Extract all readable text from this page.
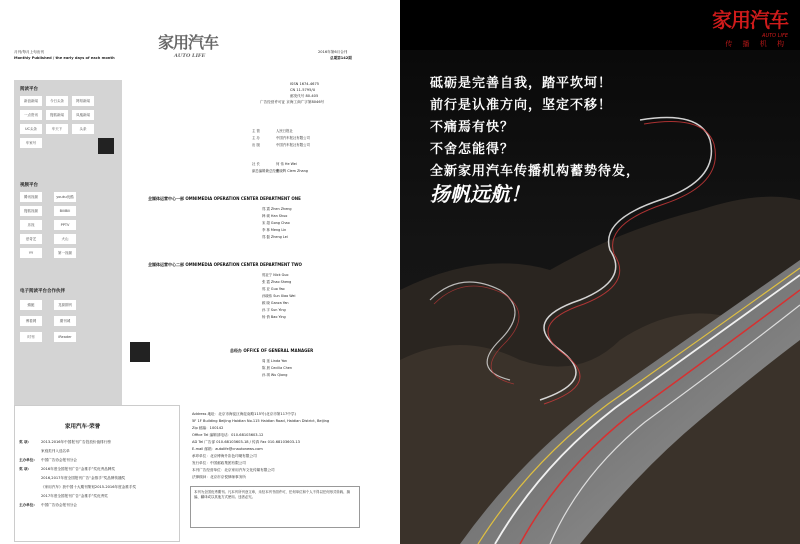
月刊/每月上旬出刊
Monthly Published / the early days of each month
家用汽车
AUTO LIFE
2016年第6月合刊
总期第142期
ISSN 1674-4675
CN 11-5795/U
邮发代号 80-405
广告经营许可证 京海工商广字第8046号
阅读平台
新浪新闻	今日头条	网易新闻
一点资讯	搜狐新闻	凤凰新闻
UC头条	车天下	头条
车家号
视频平台
腾讯视频	youku优酷
搜狐视频	BiliBili
乐视	PPTV
爱奇艺	火山
YY	第一视频
电子阅读平台合作伙伴
蜻蜓	龙源期刊
博看网	期刊城
时刊	iReader
主 管	人民日报社
主 办	中国汽车报社有限公司
出 版	中国汽车报社有限公司
社 长	何 伟 He Wei
副总编辑兼总经理
张晓辉 Clem Zhang
全媒体运营中心一部 OMNIMEDIA OPERATION CENTER DEPARTMENT ONE
郑 震 Zhen Zheng
韩 硕 Han Shuo
宋 超 Gong Chao
李 林 Meng Lin
郑 磊 Zheng Lei
全媒体运营中心二部 OMNIMEDIA OPERATION CENTER DEPARTMENT TWO
郭亚宁 Nick Guo
张 霞 Zhao Sheng
郭 亚 Guo Yao
孙晓伟 Sun Xiao Wei
顾 晓 Ganza Yan
孙 宇 Sun Ying
杨 俏 Bao Ying
总经办 OFFICE OF GENERAL MANAGER
周 延 Linda Yan
陈 晨 Cecilia Chen
孙 琪 Wu Qiong
家用汽车·荣誉
奖 项:	2013-2016年中国报刊广告投放价值排行榜
家庭类刊入选名单
主办单位: 中国广告协会报刊分会
奖 项:	2016年度全国报刊广告“金推手”奖优秀品牌奖
2016,2017年度全国报刊广告“金推手”奖品牌传播奖
《家用汽车》获中国十大期刊策划2015-2016年度金推手奖
2017年度全国报刊广告“金推手”奖优秀奖
主办单位: 中国广告协会报刊分会
Address 地址：北京市海淀区海淀南路115号(北京市第117中学)
5F 1F Building Beijing Haidian No.115 Haidian Road, Haidian District, Beijing
Zip 邮编：100142
Office Tel 编辑部电话：010-68103603-12
AD Tel 广告部 010-68103603-18 / 传真 Fax 010-68103603-13
E-mail 邮箱：autolife@cnautonews.com
承印单位：北京博海升彩色印刷有限公司
发行单位：中国邮政集团有限公司
本刊广告经营单位：北京家用汽车文化传媒有限公司
法律顾问：北京市京悦律师事务所
本刊为全国优秀期刊。凡本刊所刊登文章，未经本刊书面许可，任何单位和个人不得以任何形式转载、摘编、翻译或以其他方式使用。违者必究。
家用汽车
AUTO LIFE
传 播 机 构
砥砺是完善自我，踏平坎坷！
前行是认准方向，坚定不移！
不痛焉有快？
不舍怎能得？
全新家用汽车传播机构蓄势待发，
扬帆远航！
